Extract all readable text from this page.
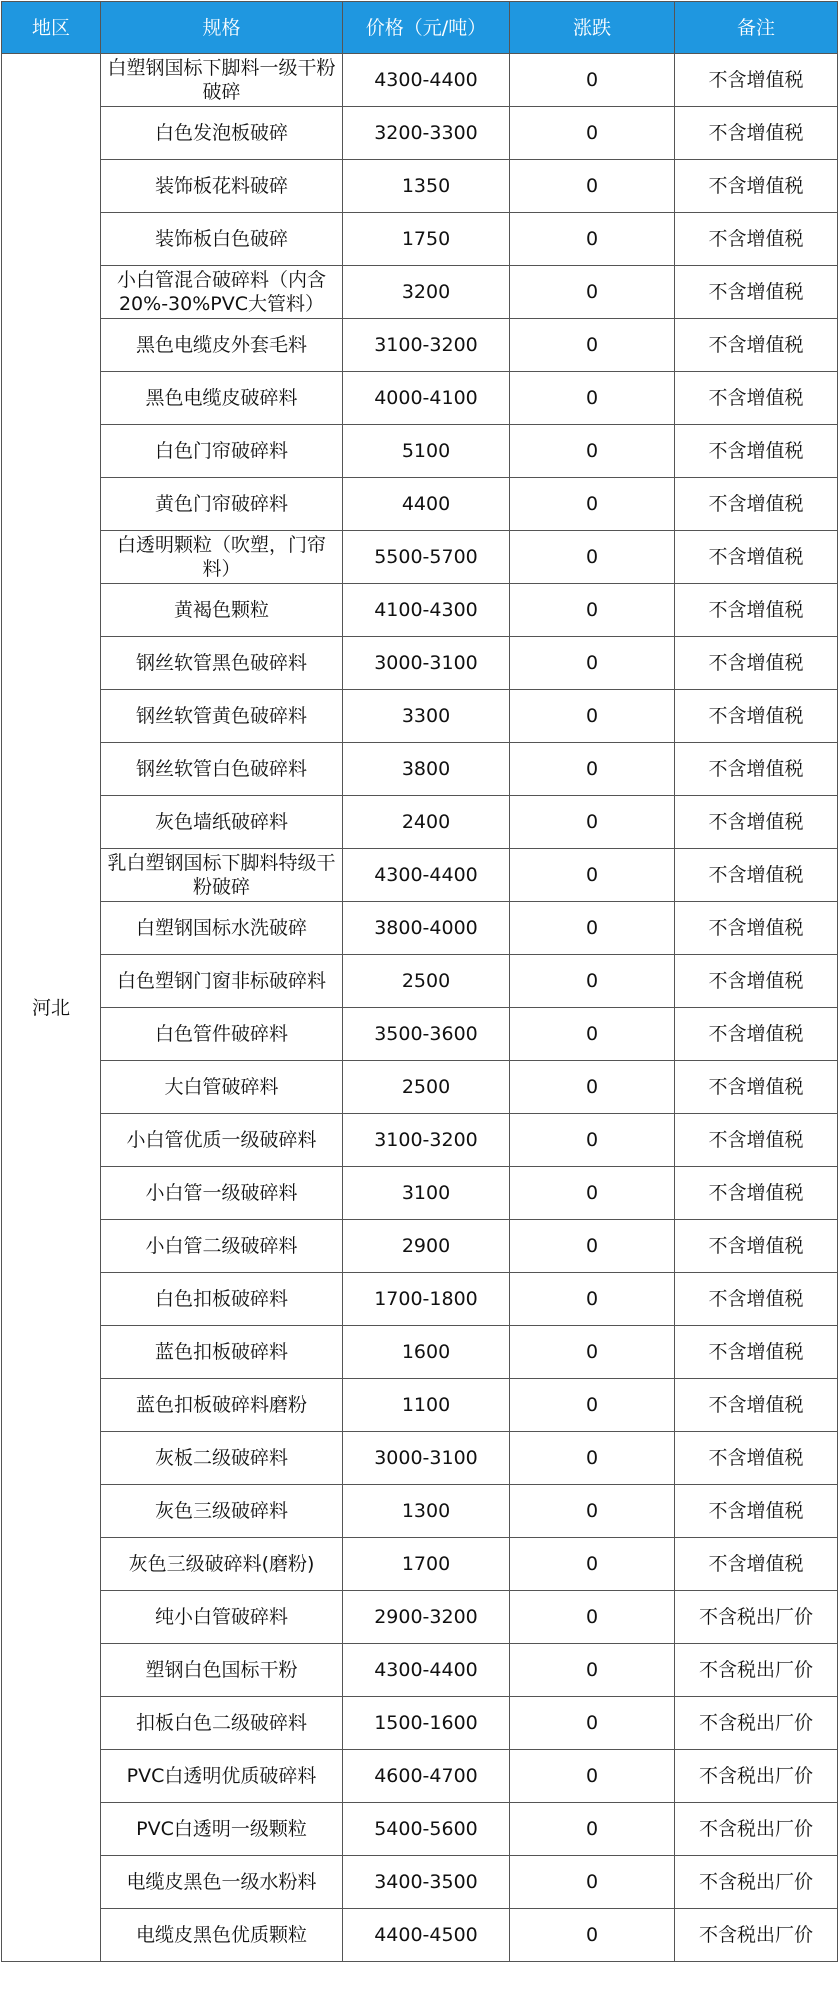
地区	规格	价格（元/吨）	涨跌	备注
河北	白塑钢国标下脚料一级干粉破碎	4300-4400	0	不含增值税
	白色发泡板破碎	3200-3300	0	不含增值税
	装饰板花料破碎	1350	0	不含增值税
	装饰板白色破碎	1750	0	不含增值税
	小白管混合破碎料（内含20%-30%PVC大管料）	3200	0	不含增值税
	黑色电缆皮外套毛料	3100-3200	0	不含增值税
	黑色电缆皮破碎料	4000-4100	0	不含增值税
	白色门帘破碎料	5100	0	不含增值税
	黄色门帘破碎料	4400	0	不含增值税
	白透明颗粒（吹塑，门帘料）	5500-5700	0	不含增值税
	黄褐色颗粒	4100-4300	0	不含增值税
	钢丝软管黑色破碎料	3000-3100	0	不含增值税
	钢丝软管黄色破碎料	3300	0	不含增值税
	钢丝软管白色破碎料	3800	0	不含增值税
	灰色墙纸破碎料	2400	0	不含增值税
	乳白塑钢国标下脚料特级干粉破碎	4300-4400	0	不含增值税
	白塑钢国标水洗破碎	3800-4000	0	不含增值税
	白色塑钢门窗非标破碎料	2500	0	不含增值税
	白色管件破碎料	3500-3600	0	不含增值税
	大白管破碎料	2500	0	不含增值税
	小白管优质一级破碎料	3100-3200	0	不含增值税
	小白管一级破碎料	3100	0	不含增值税
	小白管二级破碎料	2900	0	不含增值税
	白色扣板破碎料	1700-1800	0	不含增值税
	蓝色扣板破碎料	1600	0	不含增值税
	蓝色扣板破碎料磨粉	1100	0	不含增值税
	灰板二级破碎料	3000-3100	0	不含增值税
	灰色三级破碎料	1300	0	不含增值税
	灰色三级破碎料(磨粉)	1700	0	不含增值税
	纯小白管破碎料	2900-3200	0	不含税出厂价
	塑钢白色国标干粉	4300-4400	0	不含税出厂价
	扣板白色二级破碎料	1500-1600	0	不含税出厂价
	PVC白透明优质破碎料	4600-4700	0	不含税出厂价
	PVC白透明一级颗粒	5400-5600	0	不含税出厂价
	电缆皮黑色一级水粉料	3400-3500	0	不含税出厂价
	电缆皮黑色优质颗粒	4400-4500	0	不含税出厂价
